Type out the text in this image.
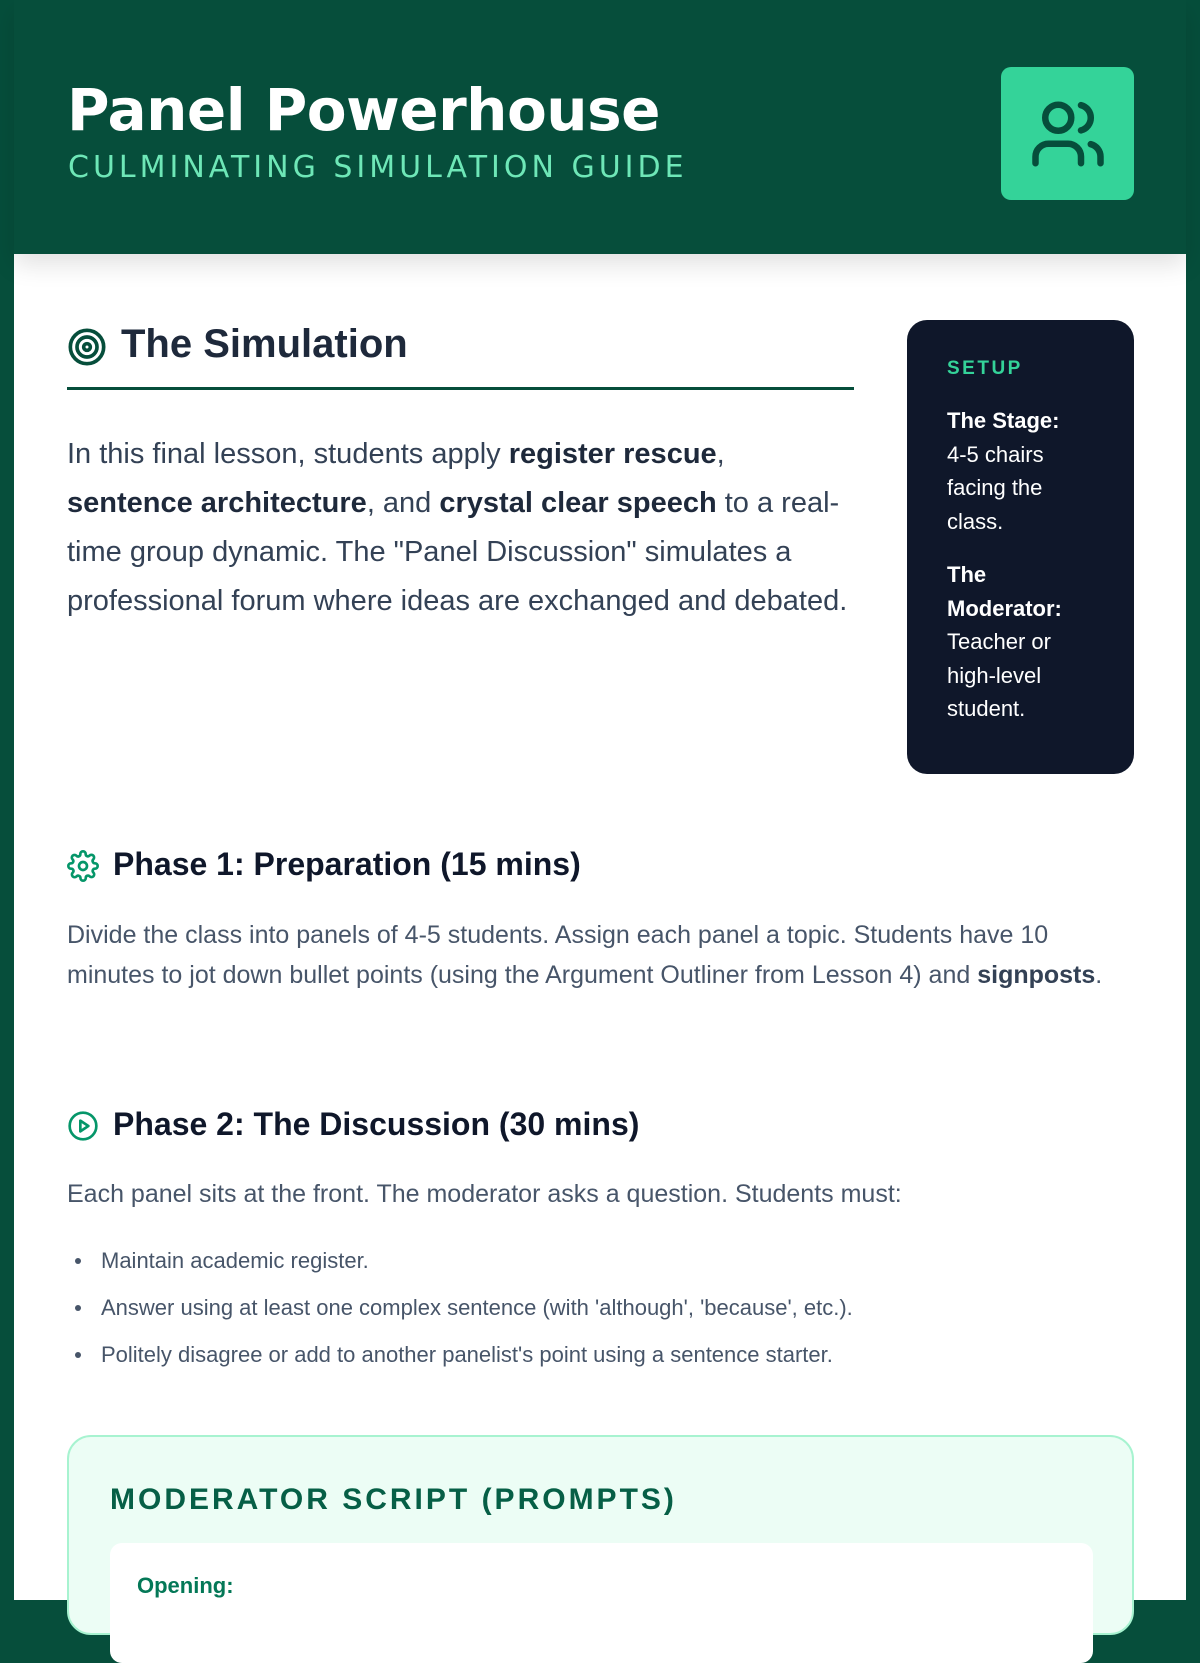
Panel Powerhouse
CULMINATING SIMULATION GUIDE
The Simulation

In this final lesson, students apply register rescue, sentence architecture, and crystal clear speech to a real-time group dynamic. The "Panel Discussion" simulates a professional forum where ideas are exchanged and debated.

SETUP
The Stage:
4-5 chairs facing the class.
The Moderator:
Teacher or high-level student.
Phase 1: Preparation (15 mins)

Divide the class into panels of 4-5 students. Assign each panel a topic. Students have 10 minutes to jot down bullet points (using the Argument Outliner from Lesson 4) and signposts.

Phase 2: The Discussion (30 mins)

Each panel sits at the front. The moderator asks a question. Students must:

Maintain academic register.
Answer using at least one complex sentence (with 'although', 'because', etc.).
Politely disagree or add to another panelist's point using a sentence starter.
MODERATOR SCRIPT (PROMPTS)
Opening:
